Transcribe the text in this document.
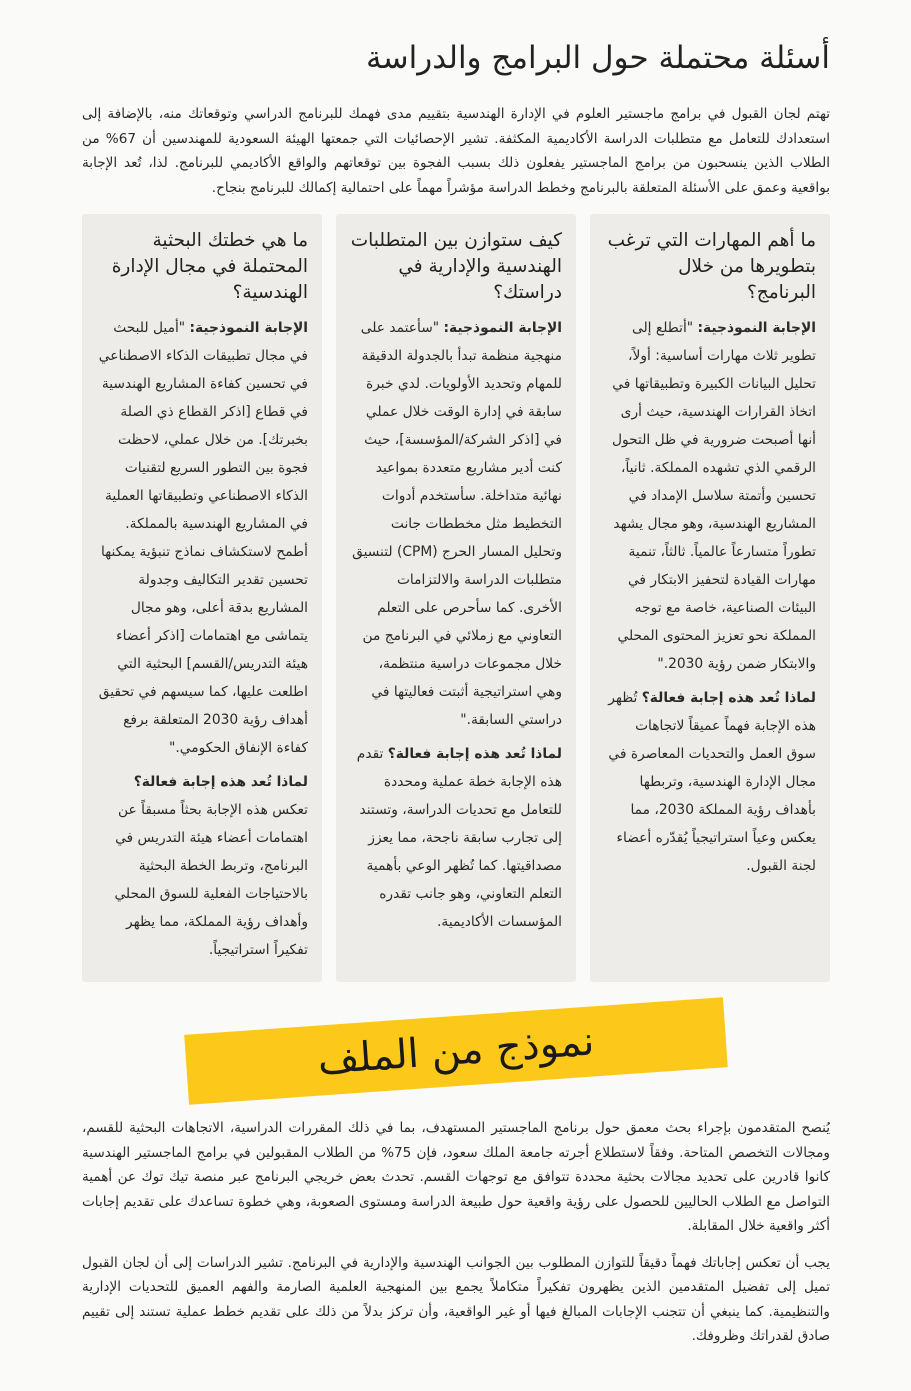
أسئلة محتملة حول البرامج والدراسة

تهتم لجان القبول في برامج ماجستير العلوم في الإدارة الهندسية بتقييم مدى فهمك للبرنامج الدراسي وتوقعاتك منه، بالإضافة إلى استعدادك للتعامل مع متطلبات الدراسة الأكاديمية المكثفة. تشير الإحصائيات التي جمعتها الهيئة السعودية للمهندسين أن 67% من الطلاب الذين ينسحبون من برامج الماجستير يفعلون ذلك بسبب الفجوة بين توقعاتهم والواقع الأكاديمي للبرنامج. لذا، تُعد الإجابة بواقعية وعمق على الأسئلة المتعلقة بالبرنامج وخطط الدراسة مؤشراً مهماً على احتمالية إكمالك للبرنامج بنجاح.

ما أهم المهارات التي ترغب بتطويرها من خلال البرنامج؟

الإجابة النموذجية: "أتطلع إلى تطوير ثلاث مهارات أساسية: أولاً، تحليل البيانات الكبيرة وتطبيقاتها في اتخاذ القرارات الهندسية، حيث أرى أنها أصبحت ضرورية في ظل التحول الرقمي الذي تشهده المملكة. ثانياً، تحسين وأتمتة سلاسل الإمداد في المشاريع الهندسية، وهو مجال يشهد تطوراً متسارعاً عالمياً. ثالثاً، تنمية مهارات القيادة لتحفيز الابتكار في البيئات الصناعية، خاصة مع توجه المملكة نحو تعزيز المحتوى المحلي والابتكار ضمن رؤية 2030."

لماذا تُعد هذه إجابة فعالة؟ تُظهر هذه الإجابة فهماً عميقاً لاتجاهات سوق العمل والتحديات المعاصرة في مجال الإدارة الهندسية، وتربطها بأهداف رؤية المملكة 2030، مما يعكس وعياً استراتيجياً يُقدّره أعضاء لجنة القبول.

كيف ستوازن بين المتطلبات الهندسية والإدارية في دراستك؟

الإجابة النموذجية: "سأعتمد على منهجية منظمة تبدأ بالجدولة الدقيقة للمهام وتحديد الأولويات. لدي خبرة سابقة في إدارة الوقت خلال عملي في [اذكر الشركة/المؤسسة]، حيث كنت أدير مشاريع متعددة بمواعيد نهائية متداخلة. سأستخدم أدوات التخطيط مثل مخططات جانت وتحليل المسار الحرج (CPM) لتنسيق متطلبات الدراسة والالتزامات الأخرى. كما سأحرص على التعلم التعاوني مع زملائي في البرنامج من خلال مجموعات دراسية منتظمة، وهي استراتيجية أثبتت فعاليتها في دراستي السابقة."

لماذا تُعد هذه إجابة فعالة؟ تقدم هذه الإجابة خطة عملية ومحددة للتعامل مع تحديات الدراسة، وتستند إلى تجارب سابقة ناجحة، مما يعزز مصداقيتها. كما تُظهر الوعي بأهمية التعلم التعاوني، وهو جانب تقدره المؤسسات الأكاديمية.

ما هي خطتك البحثية المحتملة في مجال الإدارة الهندسية؟

الإجابة النموذجية: "أميل للبحث في مجال تطبيقات الذكاء الاصطناعي في تحسين كفاءة المشاريع الهندسية في قطاع [اذكر القطاع ذي الصلة بخبرتك]. من خلال عملي، لاحظت فجوة بين التطور السريع لتقنيات الذكاء الاصطناعي وتطبيقاتها العملية في المشاريع الهندسية بالمملكة. أطمح لاستكشاف نماذج تنبؤية يمكنها تحسين تقدير التكاليف وجدولة المشاريع بدقة أعلى، وهو مجال يتماشى مع اهتمامات [اذكر أعضاء هيئة التدريس/القسم] البحثية التي اطلعت عليها، كما سيسهم في تحقيق أهداف رؤية 2030 المتعلقة برفع كفاءة الإنفاق الحكومي."

لماذا تُعد هذه إجابة فعالة؟ تعكس هذه الإجابة بحثاً مسبقاً عن اهتمامات أعضاء هيئة التدريس في البرنامج، وتربط الخطة البحثية بالاحتياجات الفعلية للسوق المحلي وأهداف رؤية المملكة، مما يظهر تفكيراً استراتيجياً.

نموذج من الملف

يُنصح المتقدمون بإجراء بحث معمق حول برنامج الماجستير المستهدف، بما في ذلك المقررات الدراسية، الاتجاهات البحثية للقسم، ومجالات التخصص المتاحة. وفقاً لاستطلاع أجرته جامعة الملك سعود، فإن 75% من الطلاب المقبولين في برامج الماجستير الهندسية كانوا قادرين على تحديد مجالات بحثية محددة تتوافق مع توجهات القسم. تحدث بعض خريجي البرنامج عبر منصة تيك توك عن أهمية التواصل مع الطلاب الحاليين للحصول على رؤية واقعية حول طبيعة الدراسة ومستوى الصعوبة، وهي خطوة تساعدك على تقديم إجابات أكثر واقعية خلال المقابلة.

يجب أن تعكس إجاباتك فهماً دقيقاً للتوازن المطلوب بين الجوانب الهندسية والإدارية في البرنامج. تشير الدراسات إلى أن لجان القبول تميل إلى تفضيل المتقدمين الذين يظهرون تفكيراً متكاملاً يجمع بين المنهجية العلمية الصارمة والفهم العميق للتحديات الإدارية والتنظيمية. كما ينبغي أن تتجنب الإجابات المبالغ فيها أو غير الواقعية، وأن تركز بدلاً من ذلك على تقديم خطط عملية تستند إلى تقييم صادق لقدراتك وظروفك.
